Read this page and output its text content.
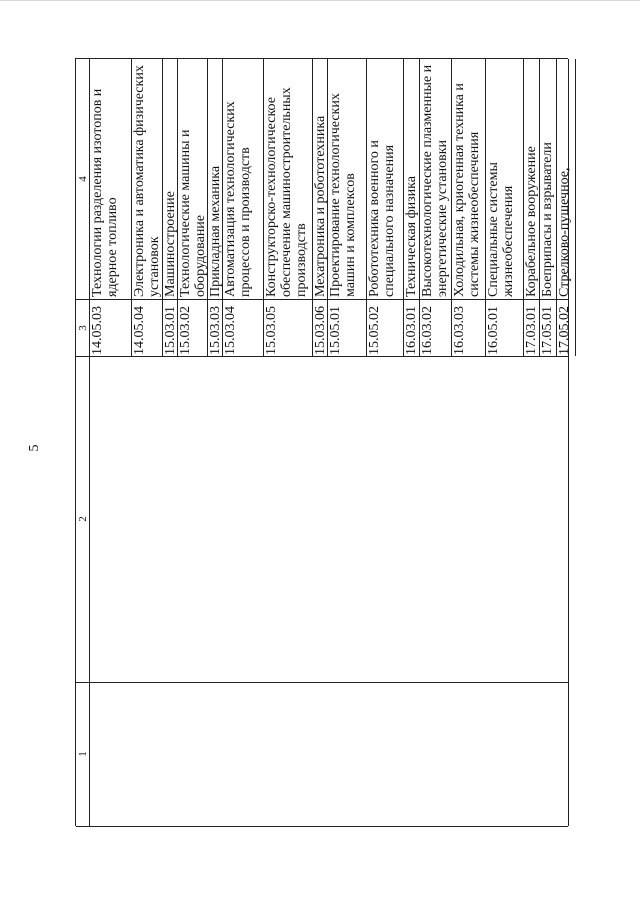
5
4
3
2
1
14.05.03
Технологии разделения изотопов и ядерное топливо
14.05.04
Электроника и автоматика физических установок
15.03.01
Машиностроение
15.03.02
Технологические машины и оборудование
15.03.03
Прикладная механика
15.03.04
Автоматизация технологических процессов и производств
15.03.05
Конструкторско-технологическое обеспечение машиностроительных производств
15.03.06
Мехатроника и робототехника
15.05.01
Проектирование технологических машин и комплексов
15.05.02
Робототехника военного и специального назначения
16.03.01
Техническая физика
16.03.02
Высокотехнологические плазменные и энергетические установки
16.03.03
Холодильная, криогенная техника и системы жизнеобеспечения
16.05.01
Специальные системы жизнеобеспечения
17.03.01
Корабельное вооружение
17.05.01
Боеприпасы и взрыватели
17.05.02
Стрелково-пушечное,
